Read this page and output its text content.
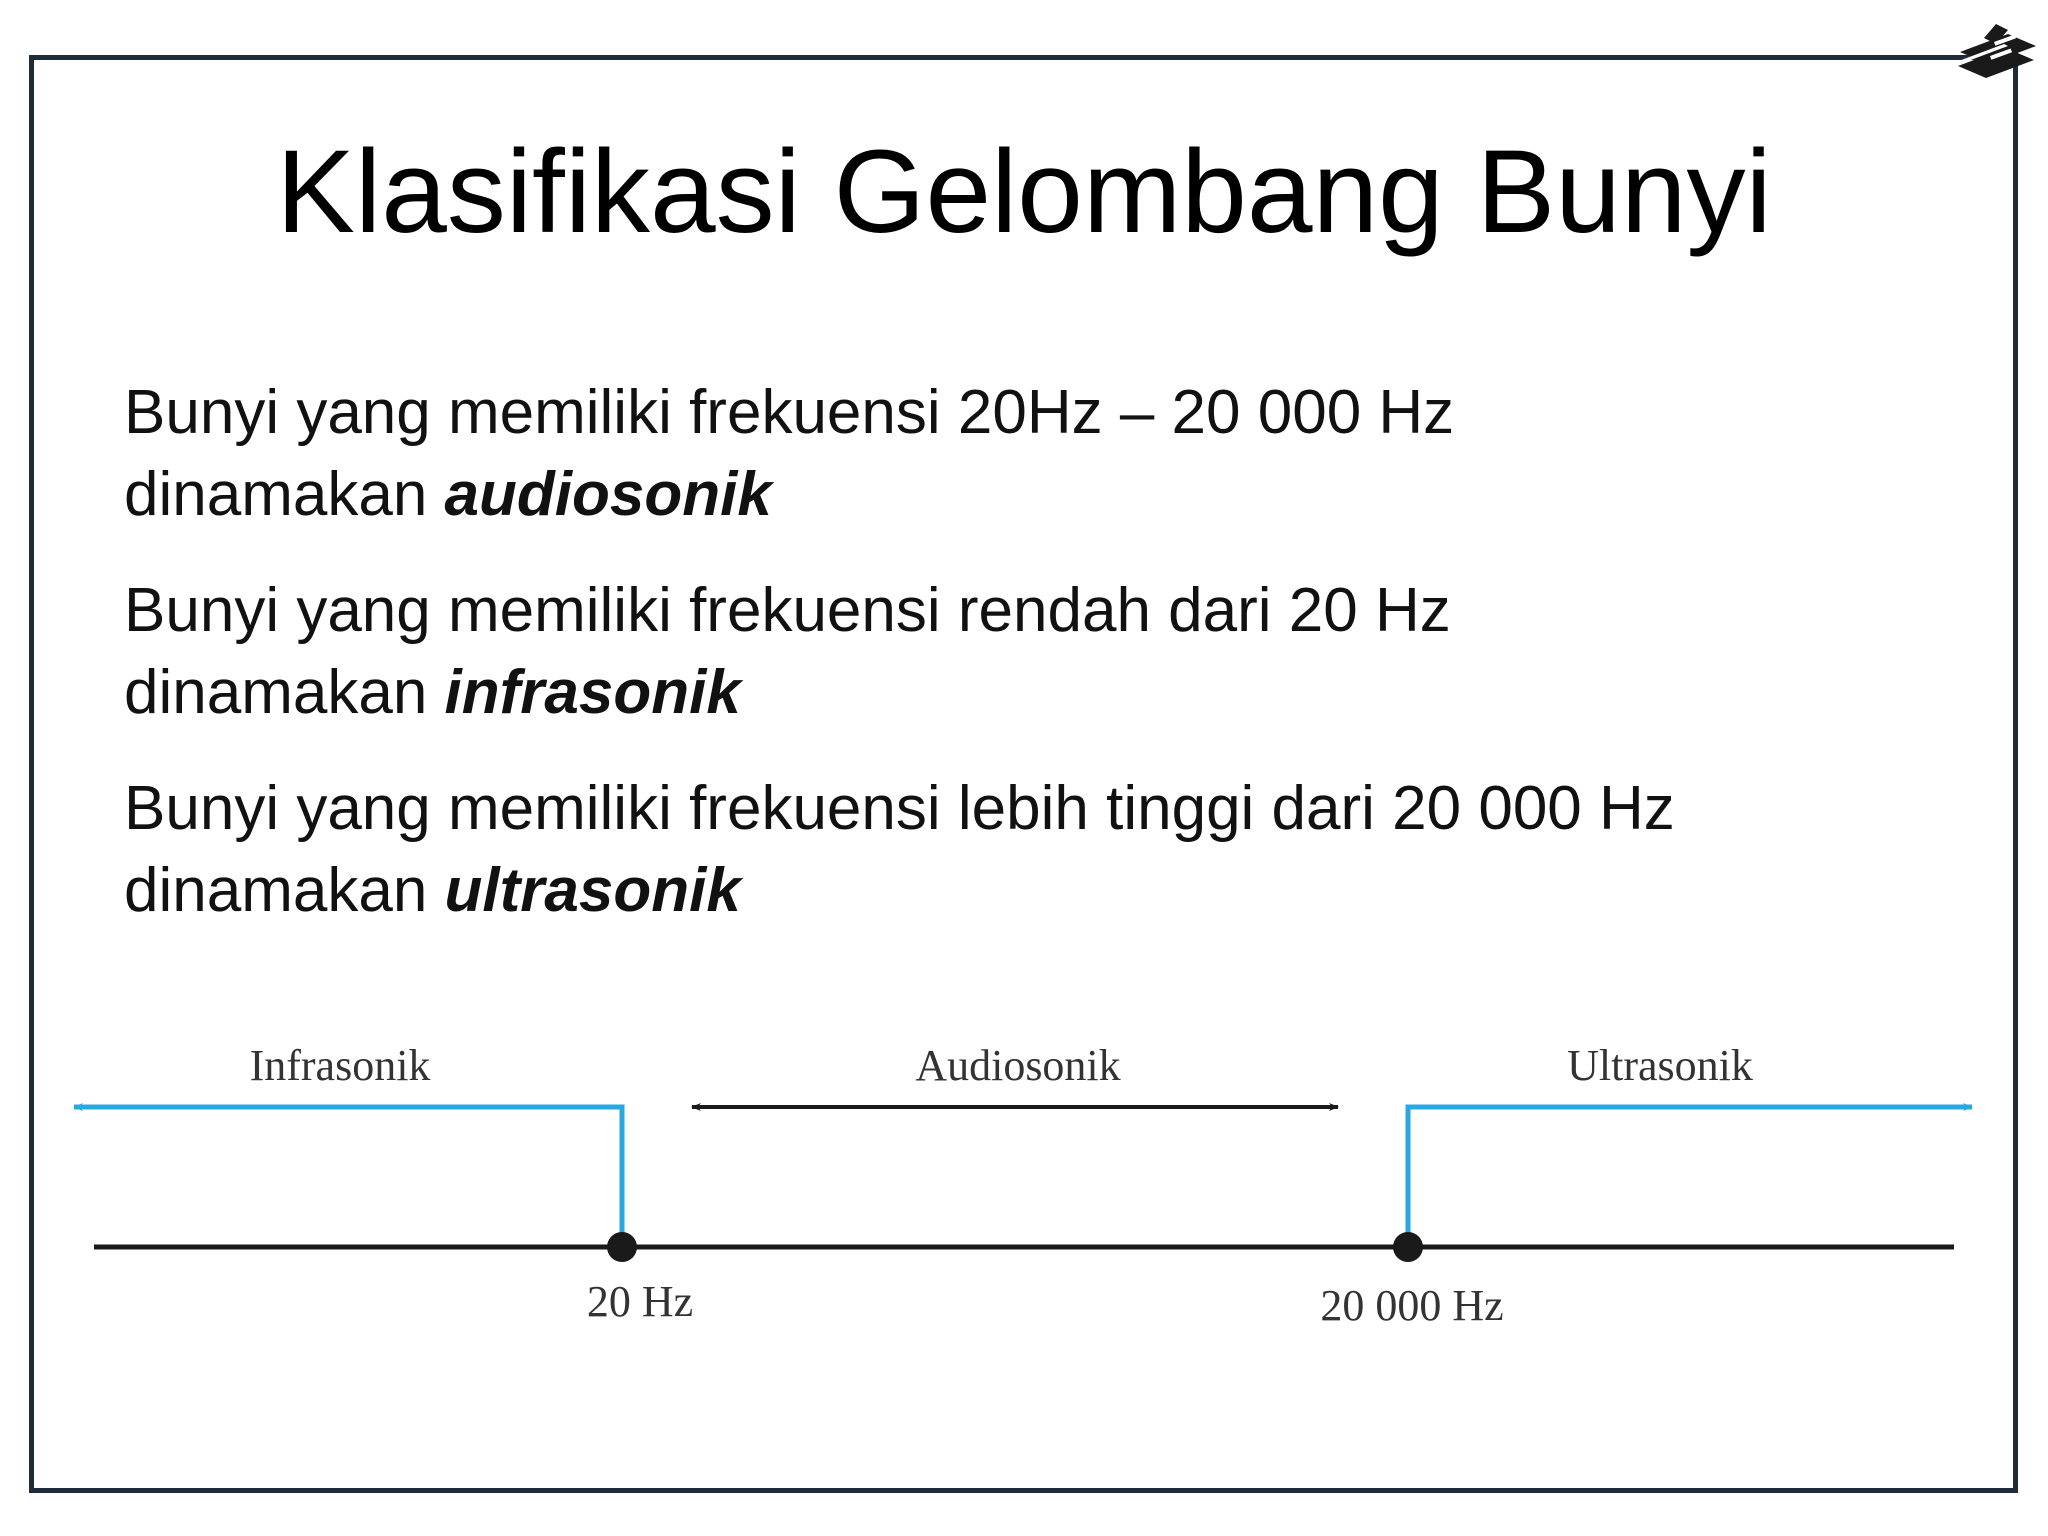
Klasifikasi Gelombang Bunyi

Bunyi yang memiliki frekuensi 20Hz – 20 000 Hz
dinamakan audiosonik

Bunyi yang memiliki frekuensi rendah dari 20 Hz
dinamakan infrasonik

Bunyi yang memiliki frekuensi lebih tinggi dari 20 000 Hz
dinamakan ultrasonik

Infrasonik	Audiosonik	Ultrasonik
20 Hz	20 000 Hz
